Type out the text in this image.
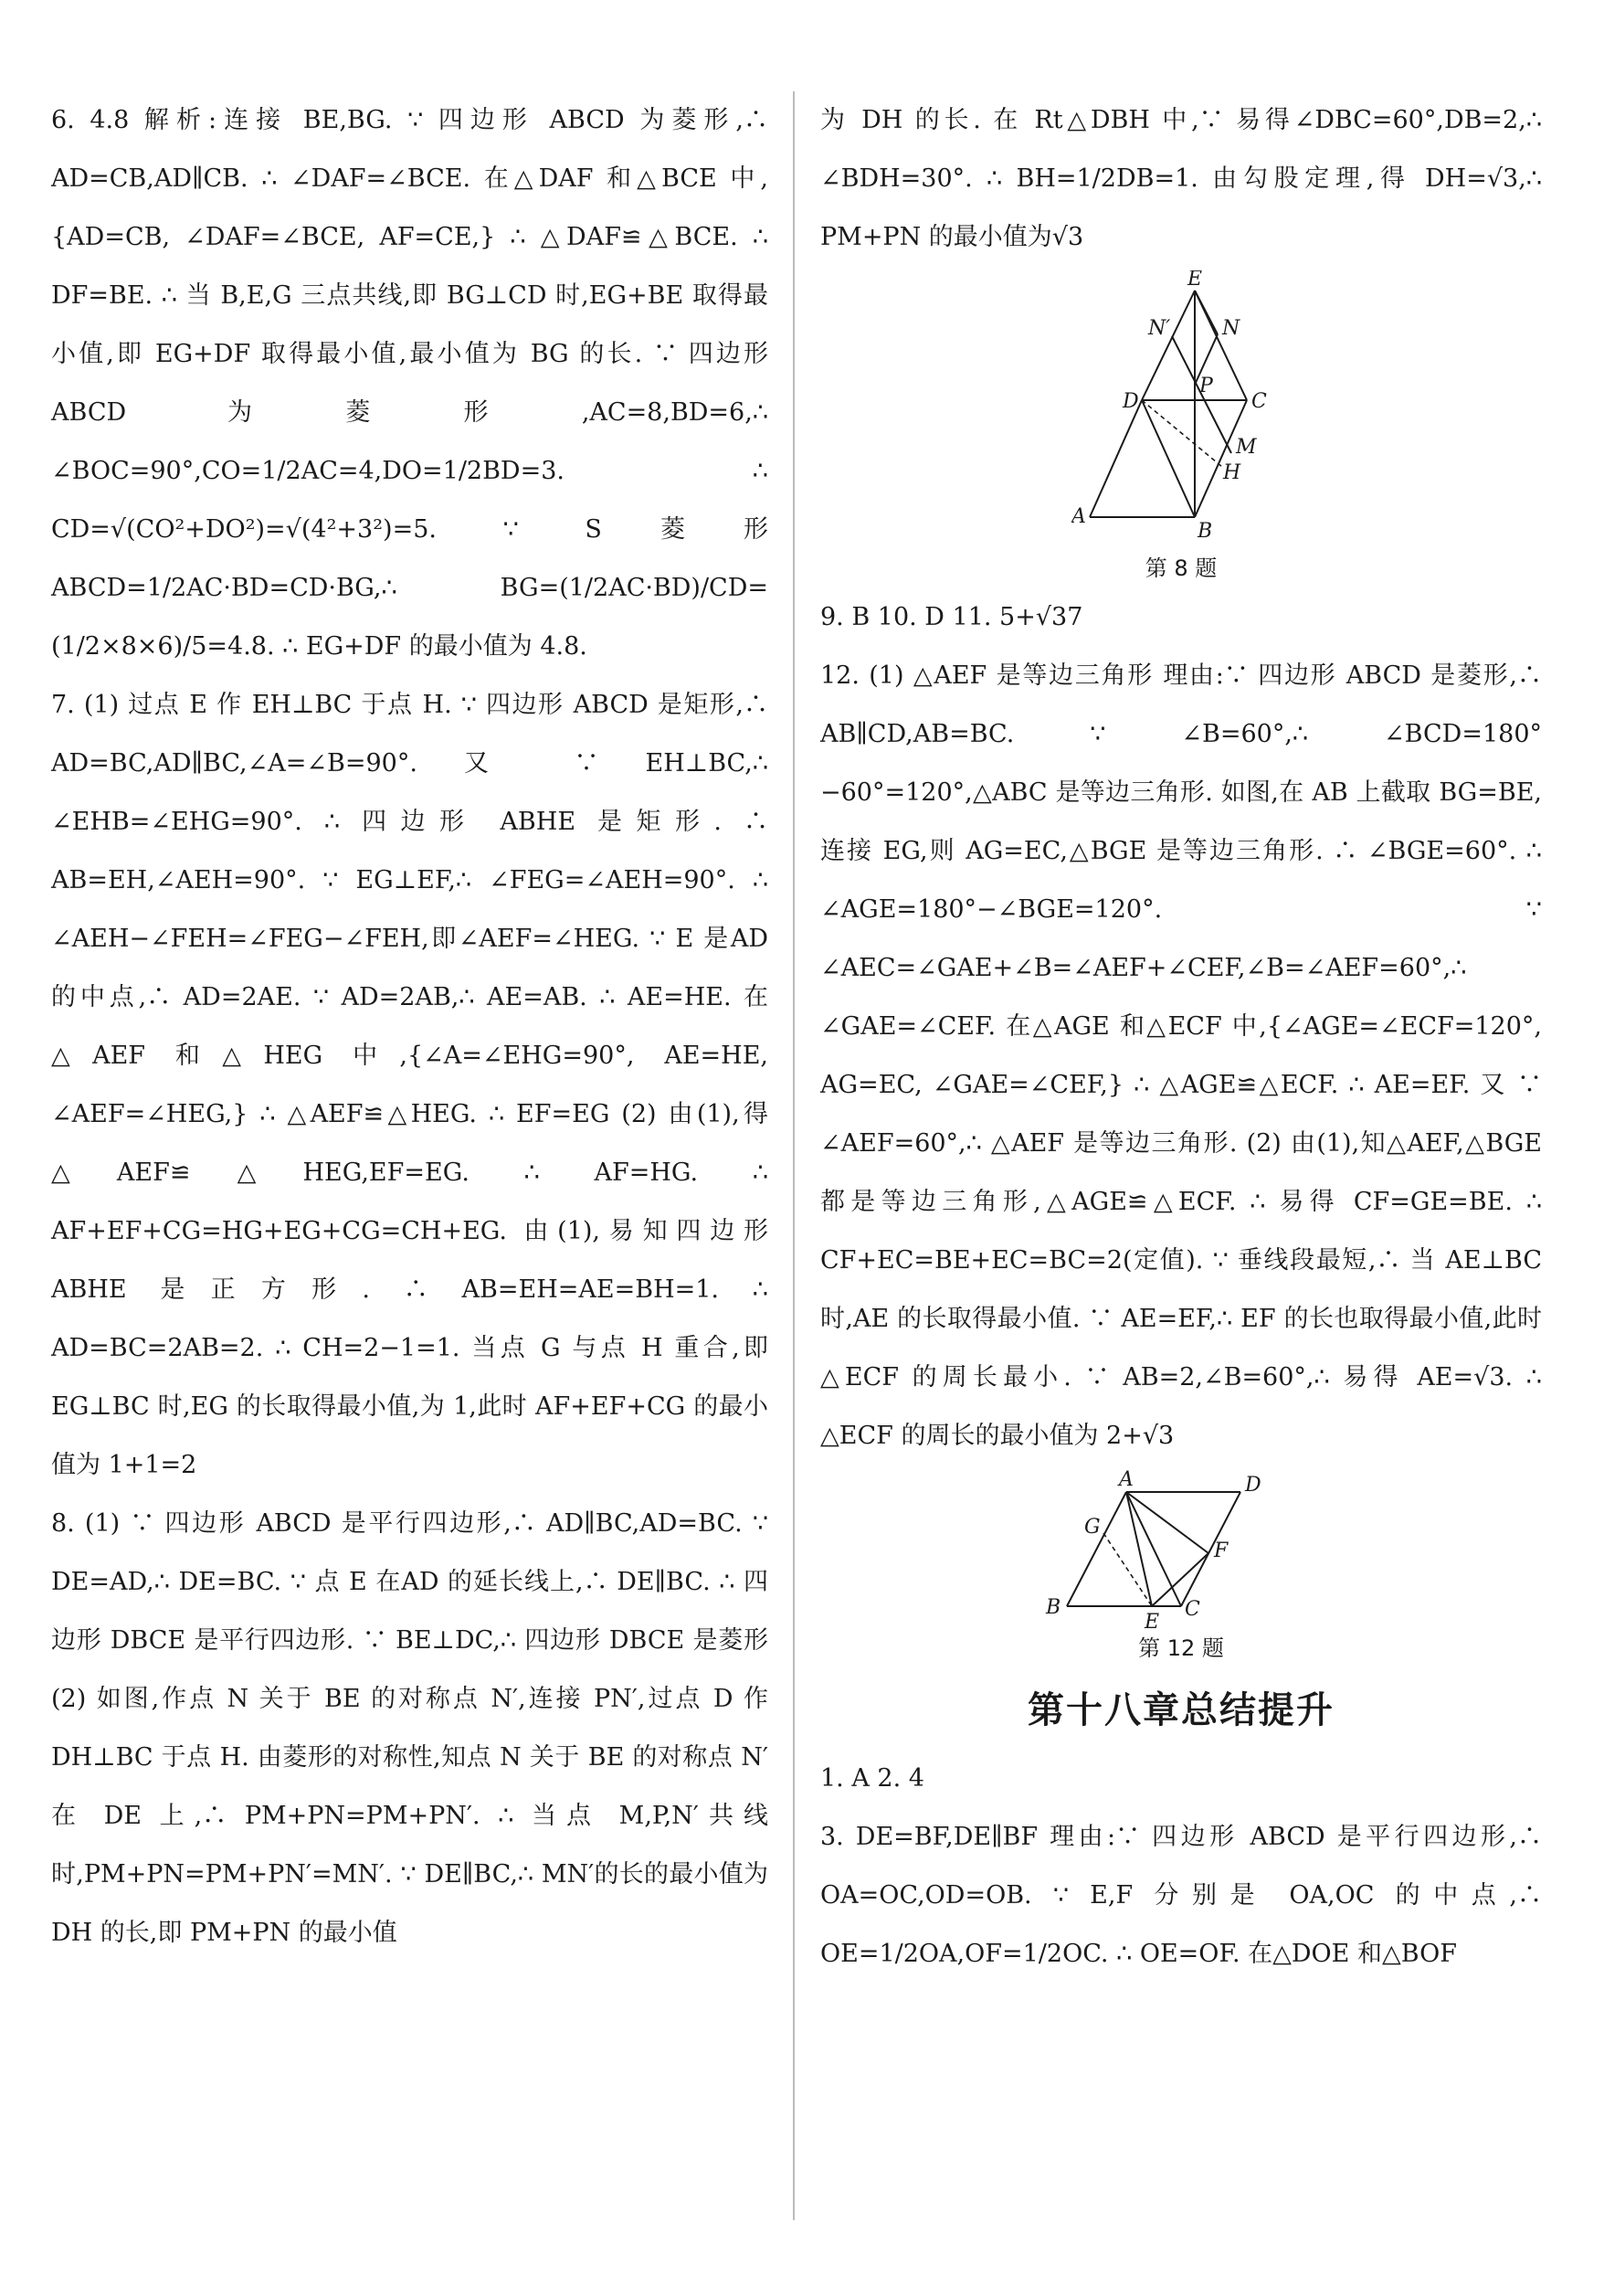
6. 4.8 解析:连接 BE,BG. ∵ 四边形 ABCD 为菱形,∴ AD=CB,AD∥CB. ∴ ∠DAF=∠BCE. 在△DAF 和△BCE 中,{AD=CB, ∠DAF=∠BCE, AF=CE,} ∴ △DAF≌△BCE. ∴ DF=BE. ∴ 当 B,E,G 三点共线,即 BG⊥CD 时,EG+BE 取得最小值,即 EG+DF 取得最小值,最小值为 BG 的长. ∵ 四边形 ABCD 为菱形,AC=8,BD=6,∴ ∠BOC=90°,CO=1/2AC=4,DO=1/2BD=3. ∴ CD=√(CO²+DO²)=√(4²+3²)=5. ∵ S菱形ABCD=1/2AC·BD=CD·BG,∴ BG=(1/2AC·BD)/CD=(1/2×8×6)/5=4.8. ∴ EG+DF 的最小值为 4.8.

7. (1) 过点 E 作 EH⊥BC 于点 H. ∵ 四边形 ABCD 是矩形,∴ AD=BC,AD∥BC,∠A=∠B=90°. 又 ∵ EH⊥BC,∴ ∠EHB=∠EHG=90°. ∴ 四边形 ABHE 是矩形. ∴ AB=EH,∠AEH=90°. ∵ EG⊥EF,∴ ∠FEG=∠AEH=90°. ∴ ∠AEH−∠FEH=∠FEG−∠FEH,即∠AEF=∠HEG. ∵ E 是AD 的中点,∴ AD=2AE. ∵ AD=2AB,∴ AE=AB. ∴ AE=HE. 在△AEF 和△HEG 中,{∠A=∠EHG=90°, AE=HE, ∠AEF=∠HEG,} ∴ △AEF≌△HEG. ∴ EF=EG (2) 由(1),得△AEF≌△HEG,EF=EG. ∴ AF=HG. ∴ AF+EF+CG=HG+EG+CG=CH+EG. 由(1),易知四边形 ABHE 是正方形. ∴ AB=EH=AE=BH=1. ∴ AD=BC=2AB=2. ∴ CH=2−1=1. 当点 G 与点 H 重合,即 EG⊥BC 时,EG 的长取得最小值,为 1,此时 AF+EF+CG 的最小值为 1+1=2

8. (1) ∵ 四边形 ABCD 是平行四边形,∴ AD∥BC,AD=BC. ∵ DE=AD,∴ DE=BC. ∵ 点 E 在AD 的延长线上,∴ DE∥BC. ∴ 四边形 DBCE 是平行四边形. ∵ BE⊥DC,∴ 四边形 DBCE 是菱形 (2) 如图,作点 N 关于 BE 的对称点 N′,连接 PN′,过点 D 作 DH⊥BC 于点 H. 由菱形的对称性,知点 N 关于 BE 的对称点 N′在 DE 上,∴ PM+PN=PM+PN′. ∴ 当点 M,P,N′共线时,PM+PN=PM+PN′=MN′. ∵ DE∥BC,∴ MN′的长的最小值为 DH 的长,即 PM+PN 的最小值

为 DH 的长. 在 Rt△DBH 中,∵ 易得∠DBC=60°,DB=2,∴ ∠BDH=30°. ∴ BH=1/2DB=1. 由勾股定理,得 DH=√3,∴ PM+PN 的最小值为√3

E
N′	N
D
P
C
M
H
A
B
第 8 题

9. B 10. D 11. 5+√37

12. (1) △AEF 是等边三角形 理由:∵ 四边形 ABCD 是菱形,∴ AB∥CD,AB=BC. ∵ ∠B=60°,∴ ∠BCD=180°−60°=120°,△ABC 是等边三角形. 如图,在 AB 上截取 BG=BE,连接 EG,则 AG=EC,△BGE 是等边三角形. ∴ ∠BGE=60°. ∴ ∠AGE=180°−∠BGE=120°. ∵ ∠AEC=∠GAE+∠B=∠AEF+∠CEF,∠B=∠AEF=60°,∴ ∠GAE=∠CEF. 在△AGE 和△ECF 中,{∠AGE=∠ECF=120°, AG=EC, ∠GAE=∠CEF,} ∴ △AGE≌△ECF. ∴ AE=EF. 又 ∵ ∠AEF=60°,∴ △AEF 是等边三角形. (2) 由(1),知△AEF,△BGE 都是等边三角形,△AGE≌△ECF. ∴ 易得 CF=GE=BE. ∴ CF+EC=BE+EC=BC=2(定值). ∵ 垂线段最短,∴ 当 AE⊥BC 时,AE 的长取得最小值. ∵ AE=EF,∴ EF 的长也取得最小值,此时△ECF 的周长最小. ∵ AB=2,∠B=60°,∴ 易得 AE=√3. ∴ △ECF 的周长的最小值为 2+√3

A	D
G
F
B
E
C
第 12 题
第十八章总结提升

1. A 2. 4

3. DE=BF,DE∥BF 理由:∵ 四边形 ABCD 是平行四边形,∴ OA=OC,OD=OB. ∵ E,F 分别是 OA,OC 的中点,∴ OE=1/2OA,OF=1/2OC. ∴ OE=OF. 在△DOE 和△BOF
